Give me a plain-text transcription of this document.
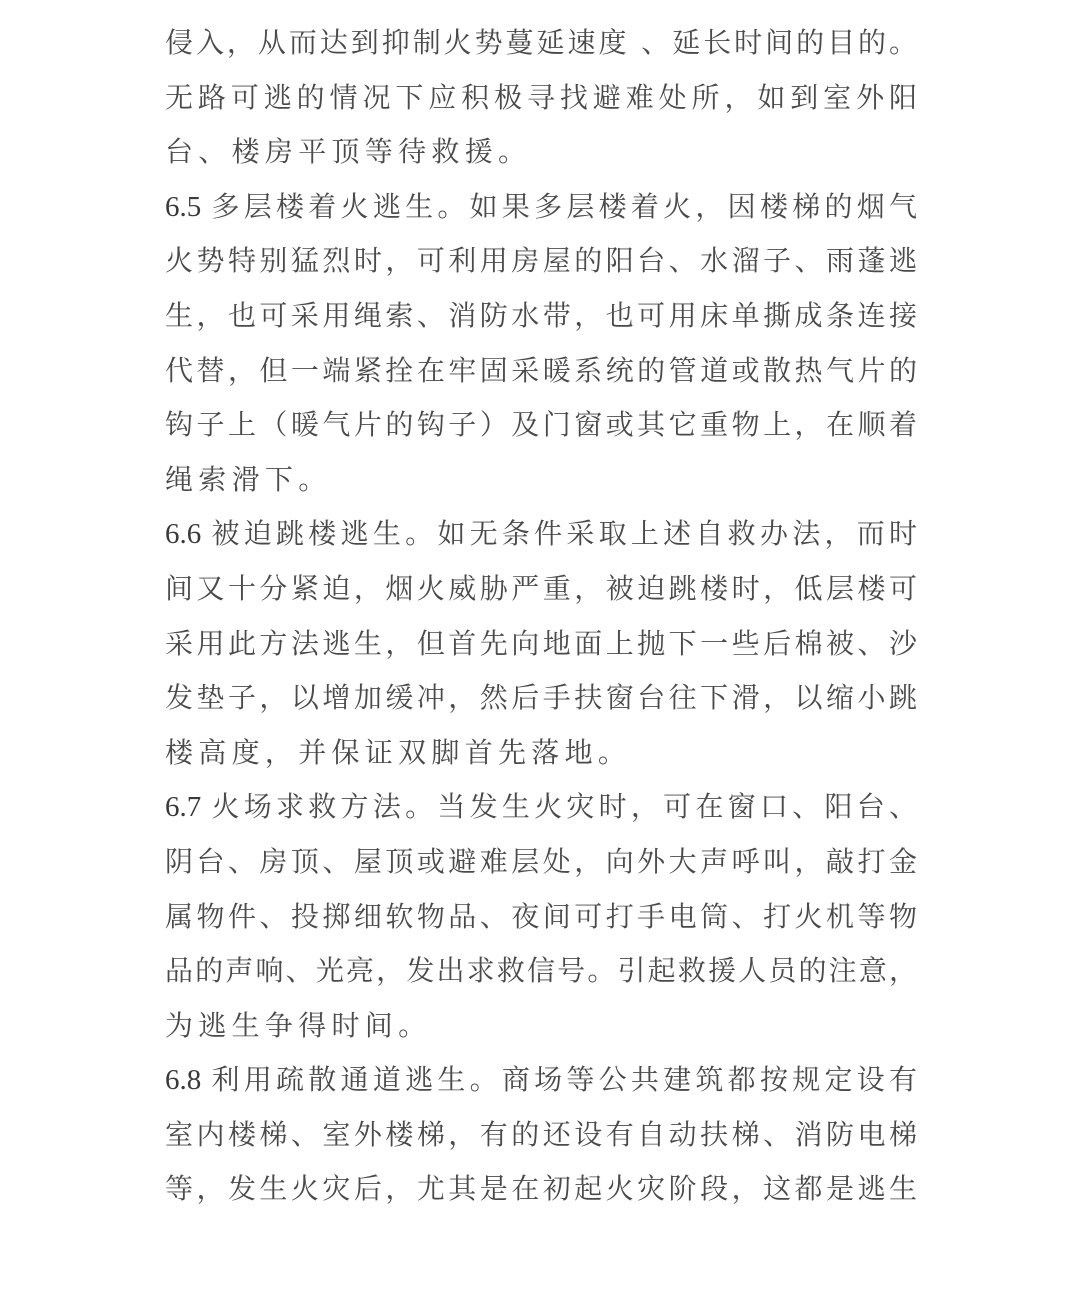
侵入，从而达到抑制火势蔓延速度 、延长时间的目的。
无路可逃的情况下应积极寻找避难处所，如到室外阳
台、楼房平顶等待救援。
6.5 多层楼着火逃生。如果多层楼着火，因楼梯的烟气
火势特别猛烈时，可利用房屋的阳台、水溜子、雨蓬逃
生，也可采用绳索、消防水带，也可用床单撕成条连接
代替，但一端紧拴在牢固采暖系统的管道或散热气片的
钩子上（暖气片的钩子）及门窗或其它重物上，在顺着
绳索滑下。
6.6 被迫跳楼逃生。如无条件采取上述自救办法，而时
间又十分紧迫，烟火威胁严重，被迫跳楼时，低层楼可
采用此方法逃生，但首先向地面上抛下一些后棉被、沙
发垫子，以增加缓冲，然后手扶窗台往下滑，以缩小跳
楼高度，并保证双脚首先落地。
6.7 火场求救方法。当发生火灾时，可在窗口、阳台、
阴台、房顶、屋顶或避难层处，向外大声呼叫，敲打金
属物件、投掷细软物品、夜间可打手电筒、打火机等物
品的声响、光亮，发出求救信号。引起救援人员的注意，
为逃生争得时间。
6.8 利用疏散通道逃生。商场等公共建筑都按规定设有
室内楼梯、室外楼梯，有的还设有自动扶梯、消防电梯
等，发生火灾后，尤其是在初起火灾阶段，这都是逃生
